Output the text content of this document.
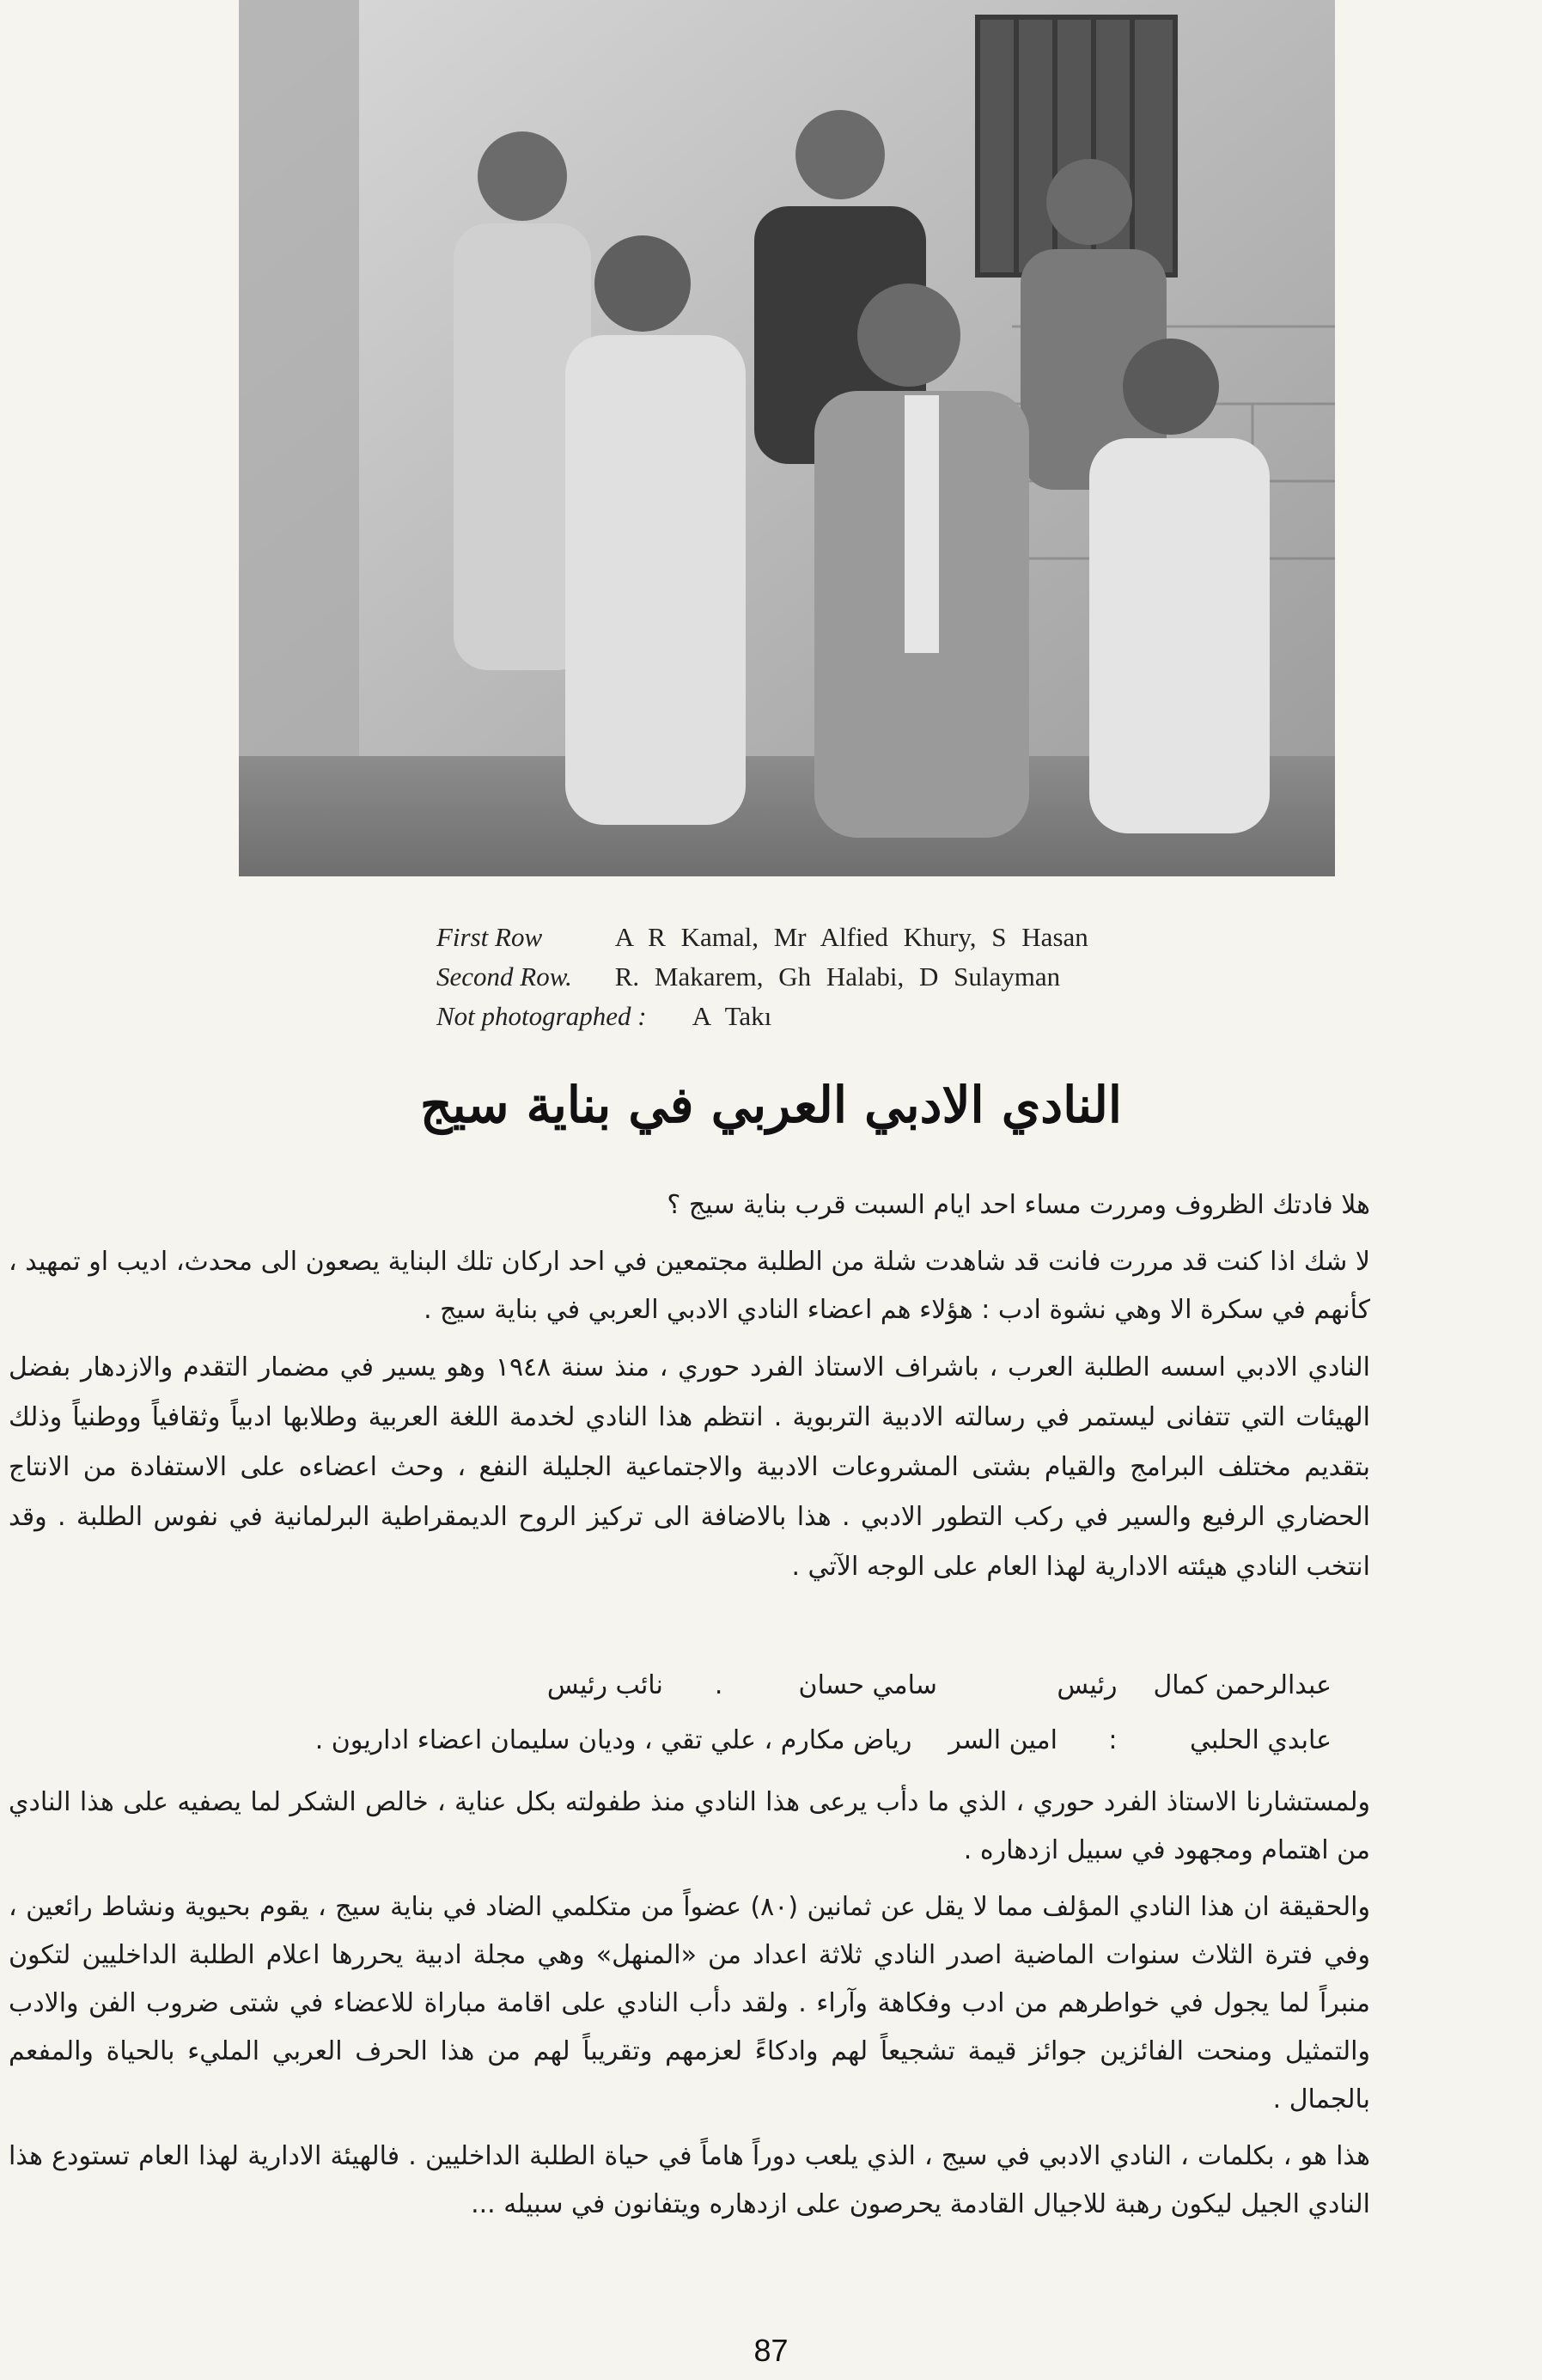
First Row	A R Kamal, Mr Alfied Khury, S Hasan
Second Row. R. Makarem, Gh Halabi, D Sulayman
Not photographed : A Takı
النادي الادبي العربي في بناية سيج

هلا فادتك الظروف ومررت مساء احد ايام السبت قرب بناية سيج ؟

لا شك اذا كنت قد مررت فانت قد شاهدت شلة من الطلبة مجتمعين في احد اركان تلك البناية يصعون الى محدث، اديب او تمهيد ، كأنهم في سكرة الا وهي نشوة ادب : هؤلاء هم اعضاء النادي الادبي العربي في بناية سيج .

النادي الادبي اسسه الطلبة العرب ، باشراف الاستاذ الفرد حوري ، منذ سنة ١٩٤٨ وهو يسير في مضمار التقدم والازدهار بفضل الهيئات التي تتفانى ليستمر في رسالته الادبية التربوية . انتظم هذا النادي لخدمة اللغة العربية وطلابها ادبياً وثقافياً ووطنياً وذلك بتقديم مختلف البرامج والقيام بشتى المشروعات الادبية والاجتماعية الجليلة النفع ، وحث اعضاءه على الاستفادة من الانتاج الحضاري الرفيع والسير في ركب التطور الادبي . هذا بالاضافة الى تركيز الروح الديمقراطية البرلمانية في نفوس الطلبة . وقد انتخب النادي هيئته الادارية لهذا العام على الوجه الآتي .

عبدالرحمن كمال رئيس سامي حسان . نائب رئيس
عابدي الحلبي : امين السر رياض مكارم ، علي تقي ، وديان سليمان اعضاء اداريون .

ولمستشارنا الاستاذ الفرد حوري ، الذي ما دأب يرعى هذا النادي منذ طفولته بكل عناية ، خالص الشكر لما يصفيه على هذا النادي من اهتمام ومجهود في سبيل ازدهاره .

والحقيقة ان هذا النادي المؤلف مما لا يقل عن ثمانين (٨٠) عضواً من متكلمي الضاد في بناية سيج ، يقوم بحيوية ونشاط رائعين ، وفي فترة الثلاث سنوات الماضية اصدر النادي ثلاثة اعداد من «المنهل» وهي مجلة ادبية يحررها اعلام الطلبة الداخليين لتكون منبراً لما يجول في خواطرهم من ادب وفكاهة وآراء . ولقد دأب النادي على اقامة مباراة للاعضاء في شتى ضروب الفن والادب والتمثيل ومنحت الفائزين جوائز قيمة تشجيعاً لهم وادكاءً لعزمهم وتقريباً لهم من هذا الحرف العربي المليء بالحياة والمفعم بالجمال .

هذا هو ، بكلمات ، النادي الادبي في سيج ، الذي يلعب دوراً هاماً في حياة الطلبة الداخليين . فالهيئة الادارية لهذا العام تستودع هذا النادي الجيل ليكون رهبة للاجيال القادمة يحرصون على ازدهاره ويتفانون في سبيله ...

87
